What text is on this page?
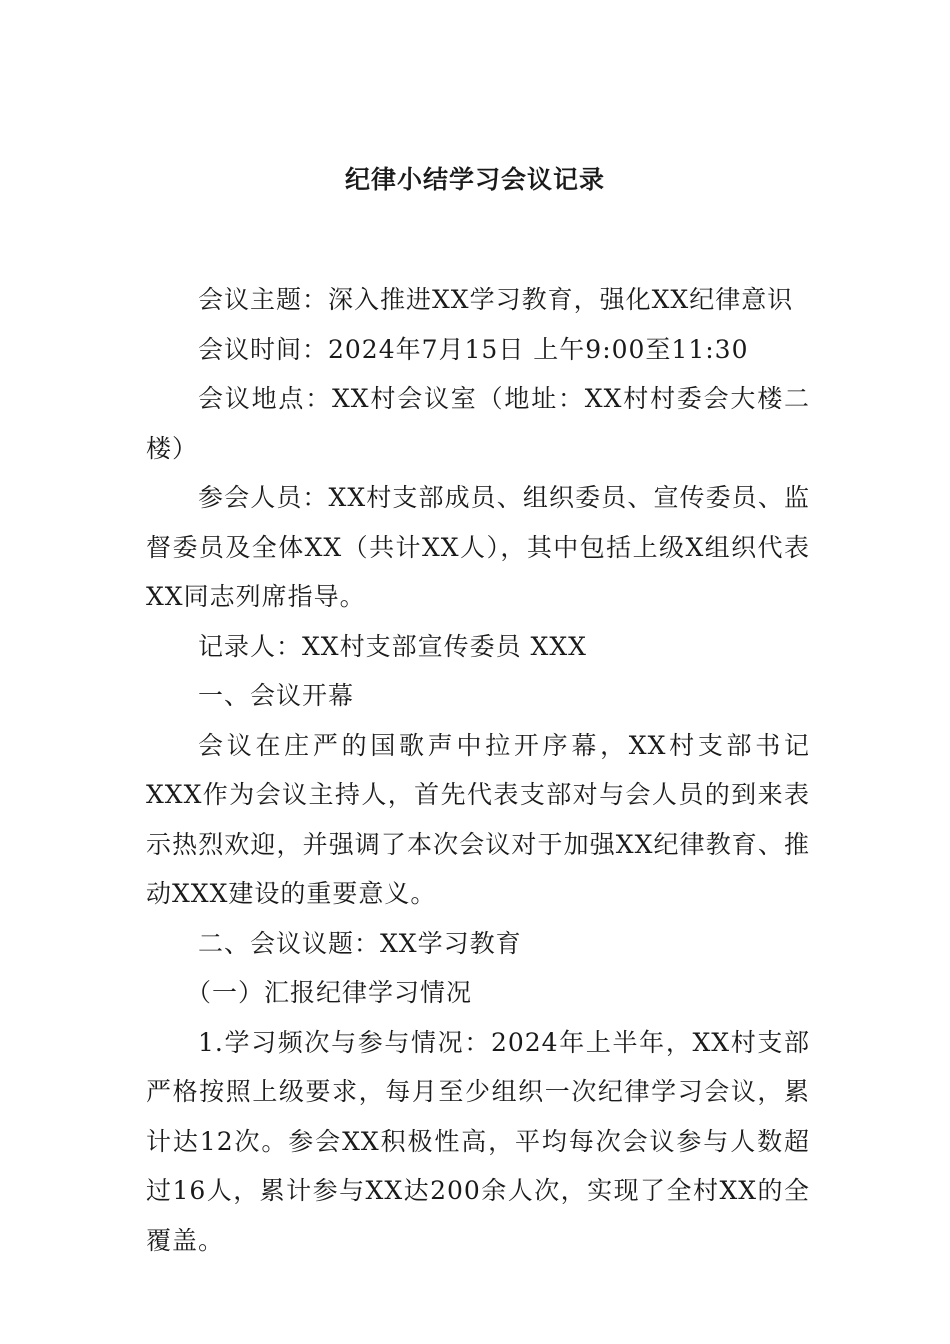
纪律小结学习会议记录

会议主题：深入推进XX学习教育，强化XX纪律意识

会议时间：2024年7月15日 上午9:00至11:30

会议地点：XX村会议室（地址：XX村村委会大楼二楼）

参会人员：XX村支部成员、组织委员、宣传委员、监督委员及全体XX（共计XX人），其中包括上级X组织代表XX同志列席指导。

记录人：XX村支部宣传委员 XXX

一、会议开幕

会议在庄严的国歌声中拉开序幕，XX村支部书记XXX作为会议主持人，首先代表支部对与会人员的到来表示热烈欢迎，并强调了本次会议对于加强XX纪律教育、推动XXX建设的重要意义。

二、会议议题：XX学习教育

（一）汇报纪律学习情况

1.学习频次与参与情况：2024年上半年，XX村支部严格按照上级要求，每月至少组织一次纪律学习会议，累计达12次。参会XX积极性高，平均每次会议参与人数超过16人，累计参与XX达200余人次，实现了全村XX的全覆盖。
